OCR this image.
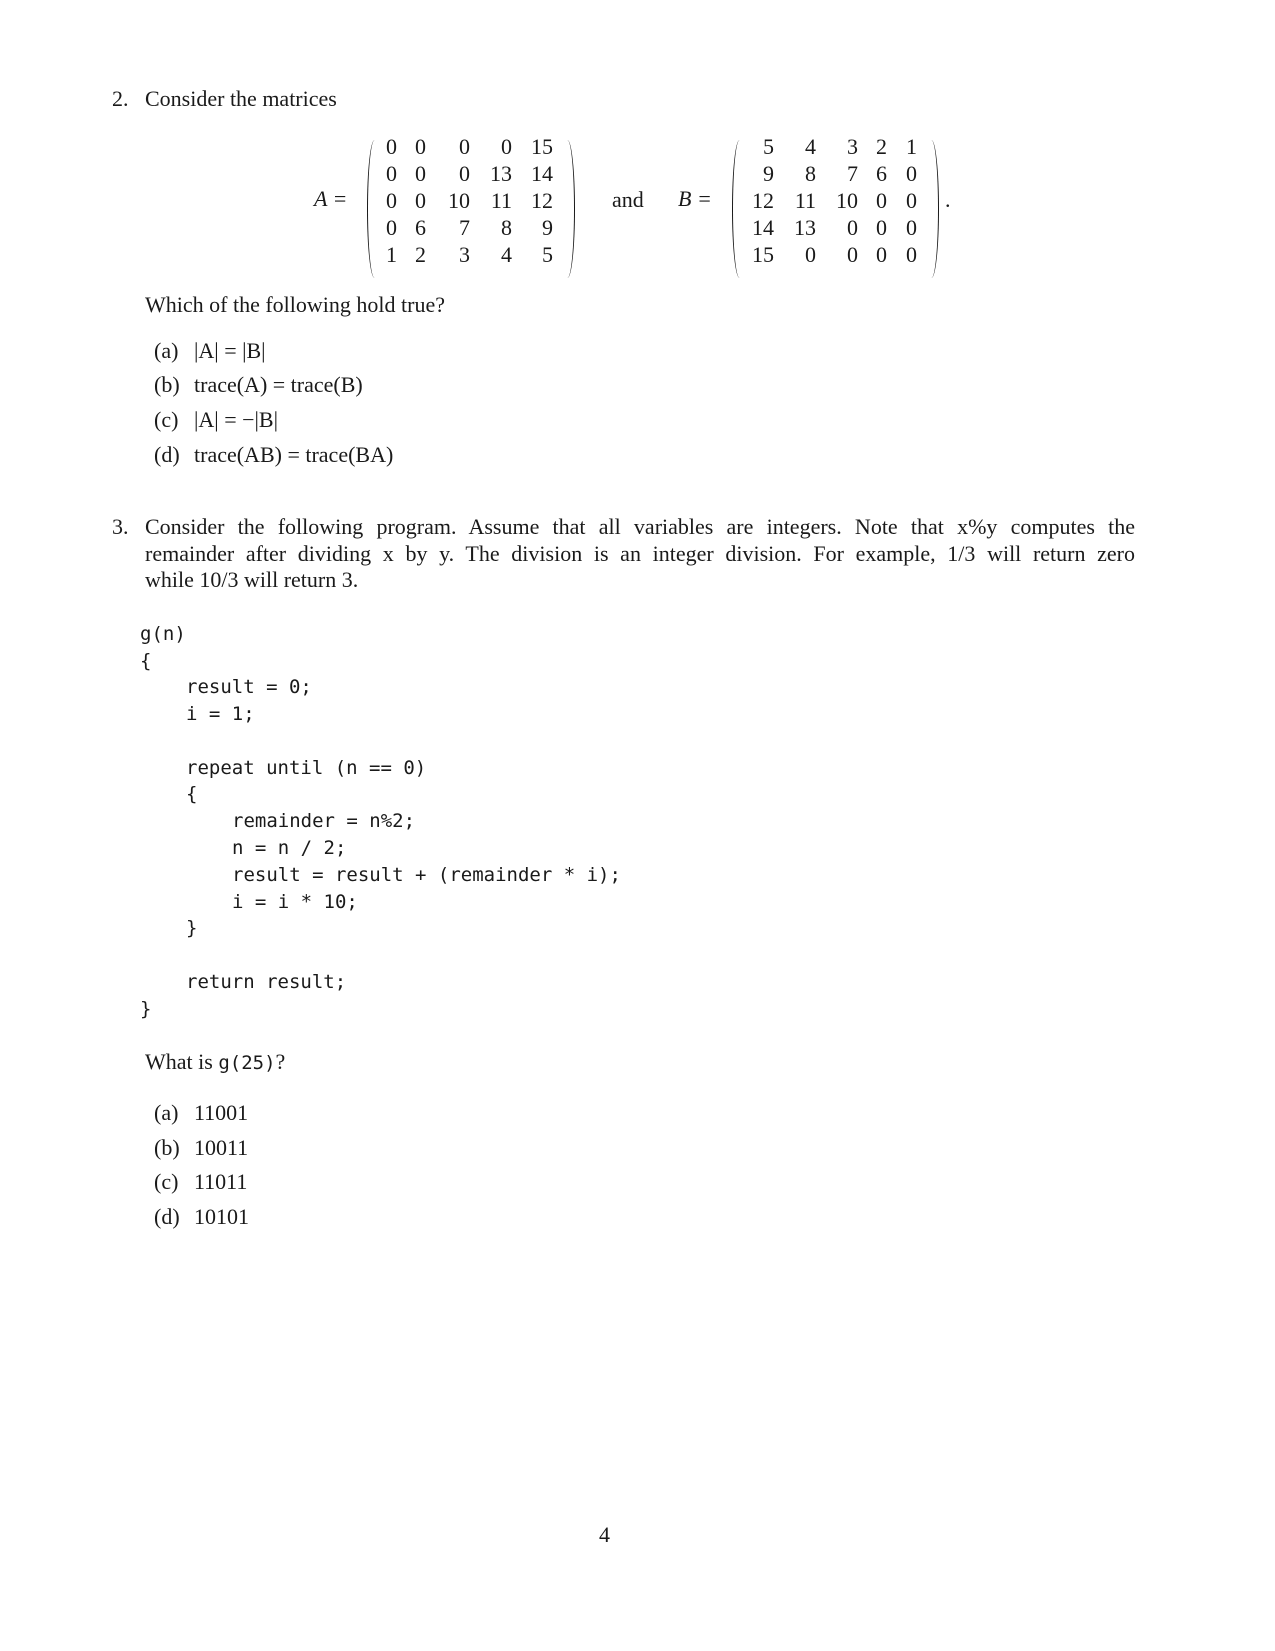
2. Consider the matrices
A =
0 0	0	0 15
0 0	0 13 14
0 0 10 11 12
0 6	7	8	9
1 2	3	4	5
and B =	.
5	4	3 2 1
9	8	7 6 0
12 11 10 0 0
14 13	0 0 0
15	0	0 0 0
Which of the following hold true?
(a) |A| = |B|
(b) trace(A) = trace(B)
(c) |A| = −|B|
(d) trace(AB) = trace(BA)
3. Consider the following program. Assume that all variables are integers. Note that x%y computes the
remainder after dividing x by y. The division is an integer division. For example, 1/3 will return zero
while 10/3 will return 3.
g(n)
{
result = 0;
i = 1;
repeat until (n == 0)
{
remainder = n%2;
n = n / 2;
result = result + (remainder * i);
i = i * 10;
}
return result;
}
What is g(25)?
(a) 11001
(b) 10011
(c) 11011
(d) 10101
4
